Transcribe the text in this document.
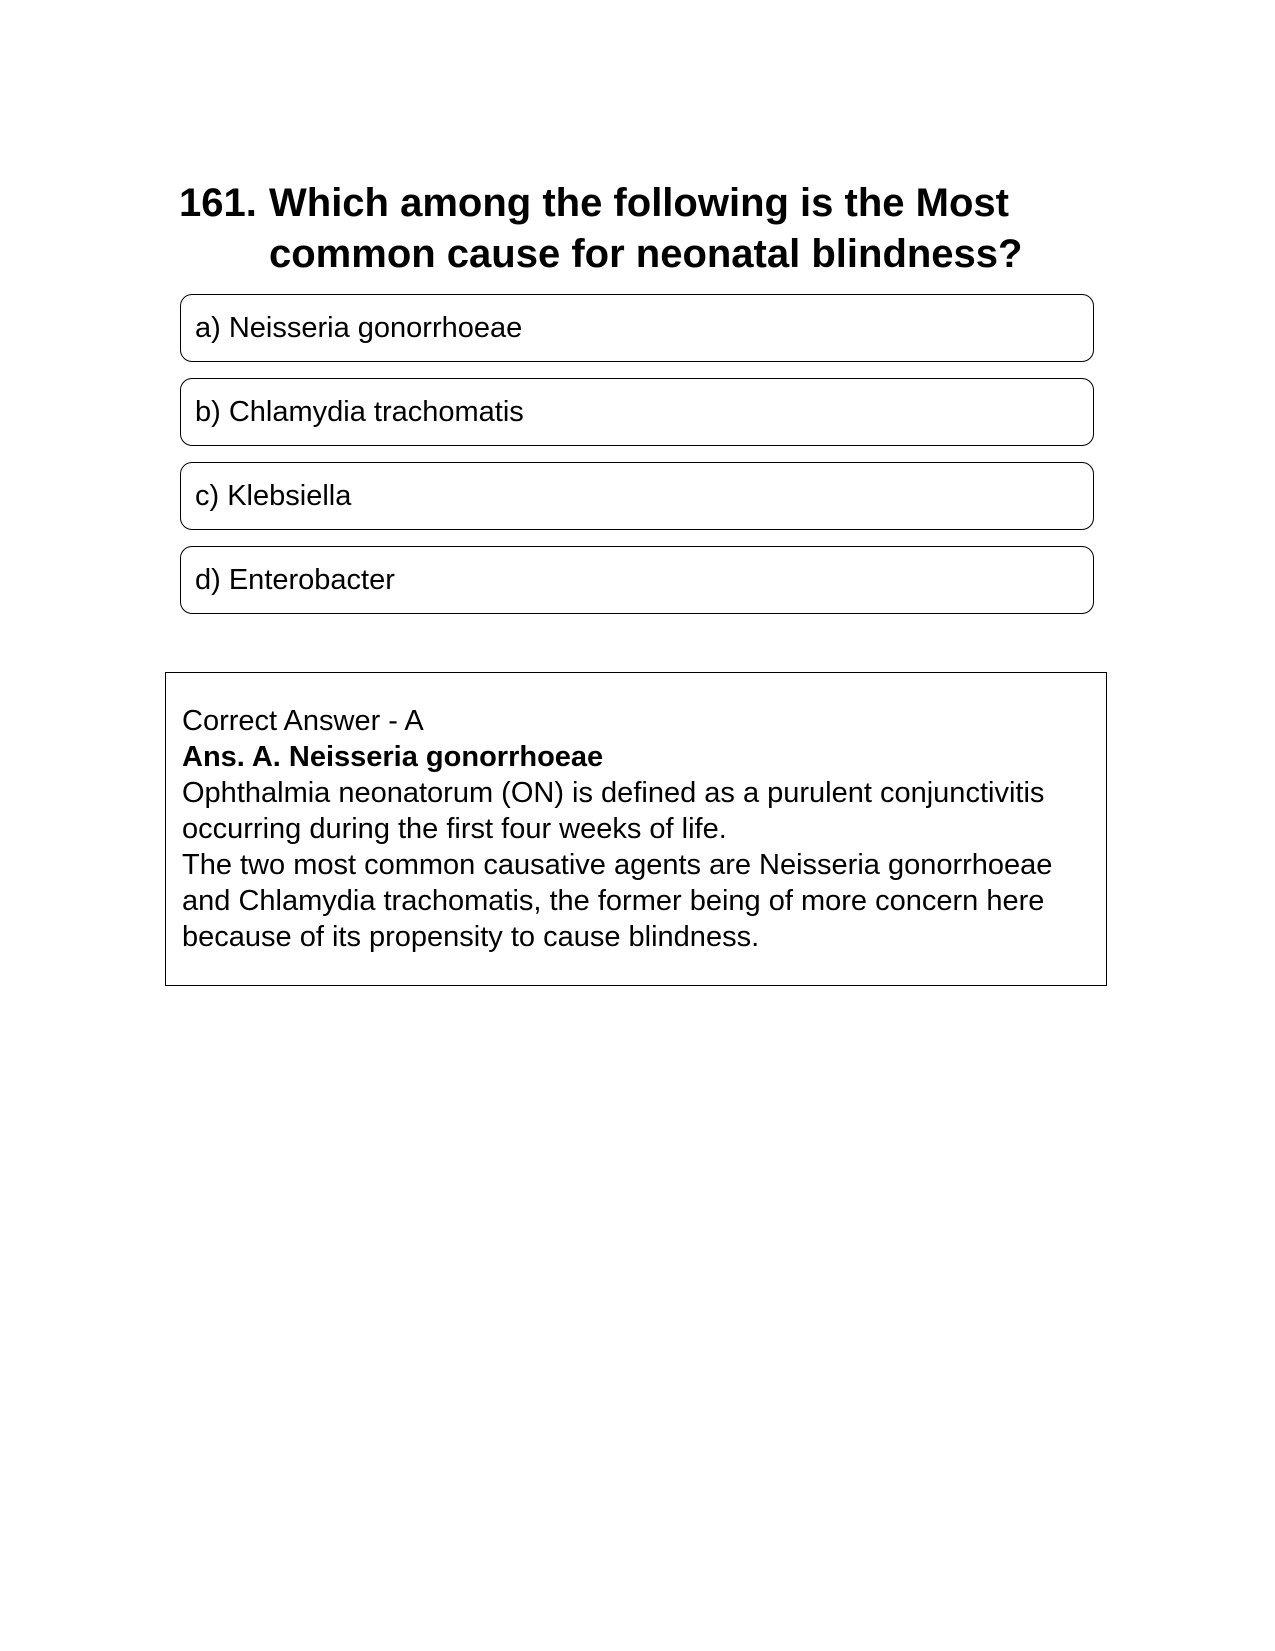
161. Which among the following is the Most common cause for neonatal blindness?
a) Neisseria gonorrhoeae
b) Chlamydia trachomatis
c) Klebsiella
d) Enterobacter

Correct Answer - A

Ans. A. Neisseria gonorrhoeae

Ophthalmia neonatorum (ON) is defined as a purulent conjunctivitis occurring during the first four weeks of life.

The two most common causative agents are Neisseria gonorrhoeae and Chlamydia trachomatis, the former being of more concern here because of its propensity to cause blindness.
